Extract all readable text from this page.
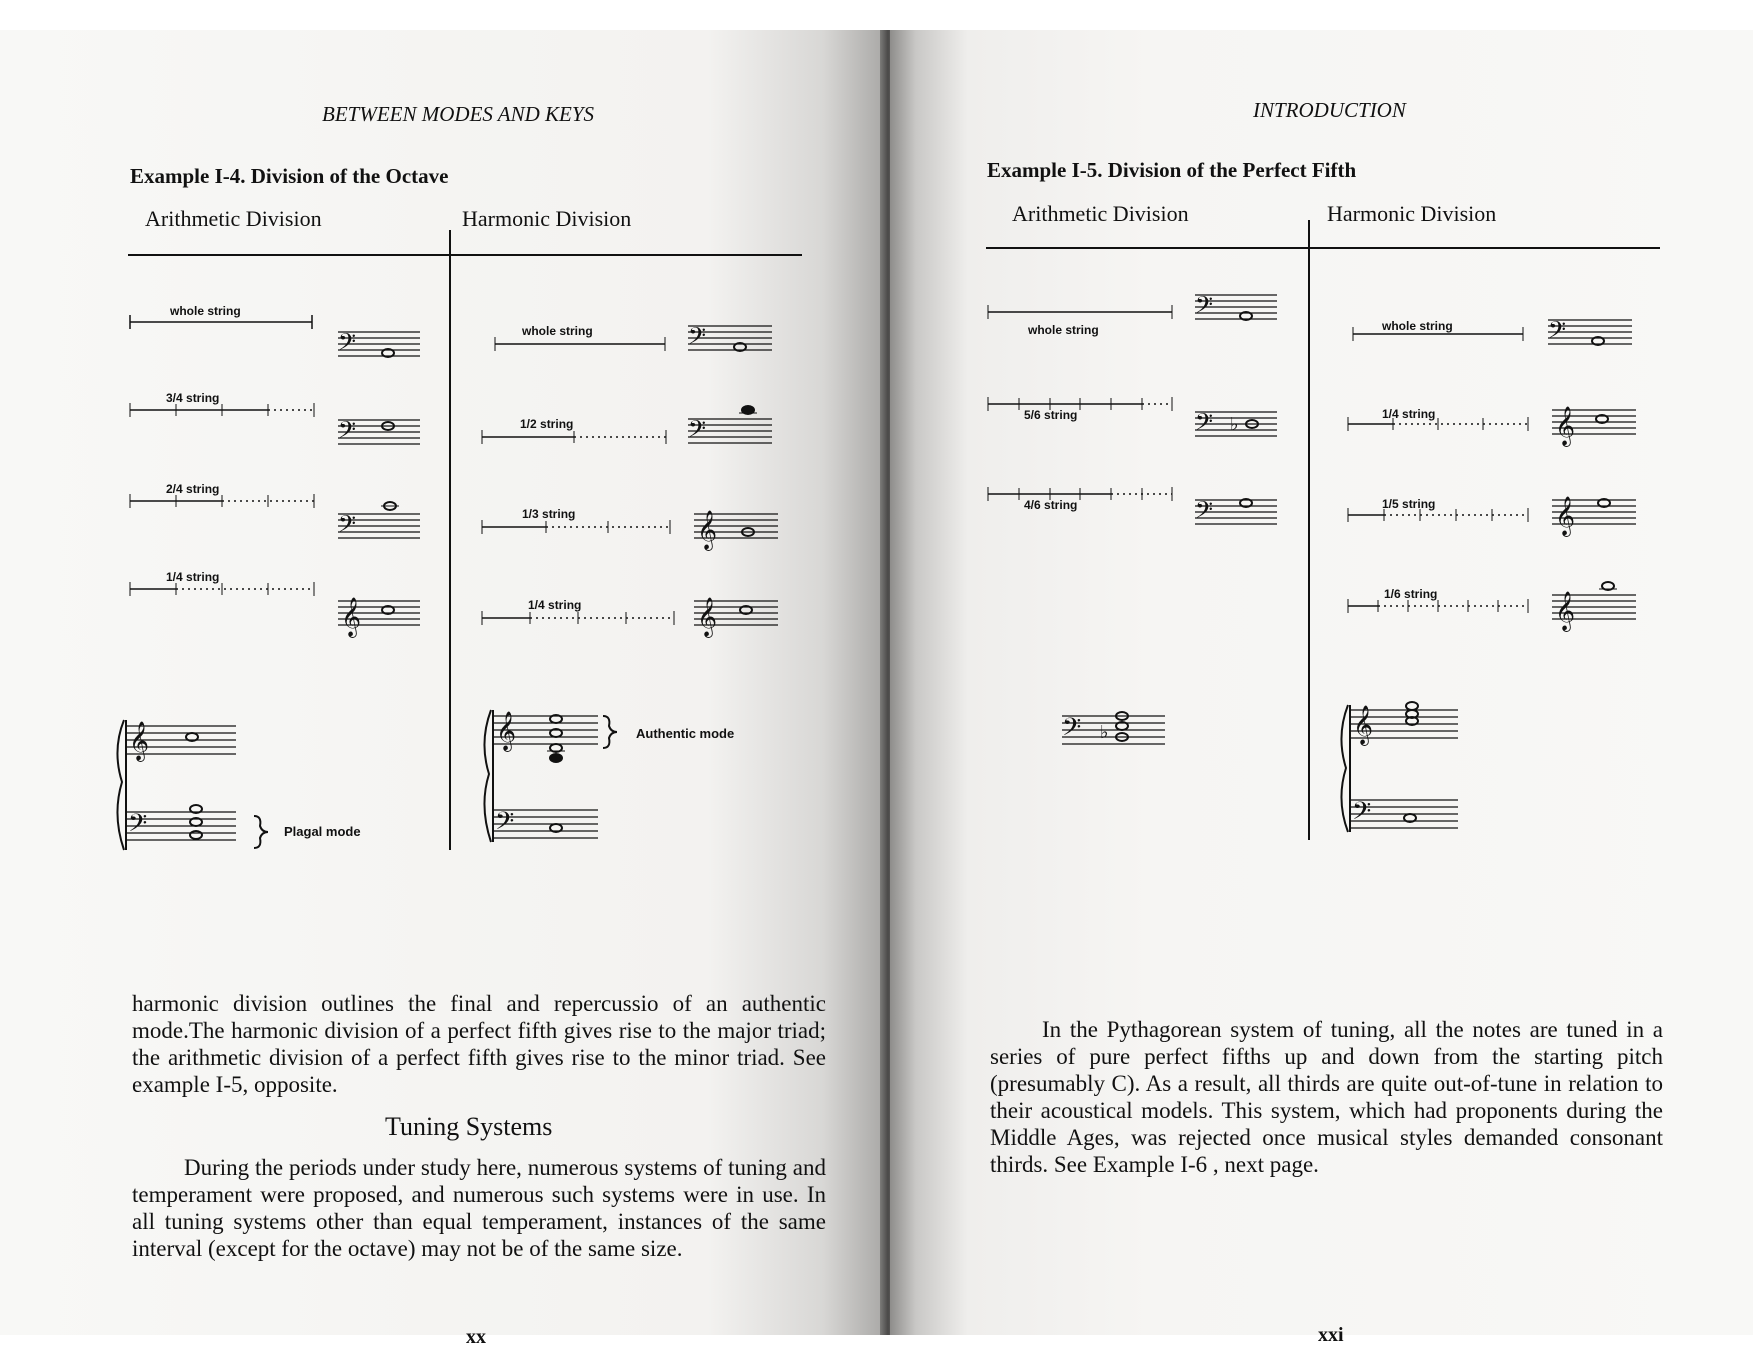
BETWEEN MODES AND KEYS
Example I-4. Division of the Octave
Arithmetic Division	Harmonic Division
𝄢
𝄢
𝄢
𝄞
𝄞
𝄢
𝄢
𝄢
𝄞
𝄞
𝄞
𝄢
whole string
3/4 string
2/4 string
1/4 string
whole string
1/2 string
1/3 string
1/4 string
Plagal mode
Authentic mode

harmonic division outlines the final and repercussio of an authentic mode.The harmonic division of a perfect fifth gives rise to the major triad; the arithmetic division of a perfect fifth gives rise to the minor triad. See example I-5, opposite.

Tuning Systems

During the periods under study here, numerous systems of tuning and temperament were proposed, and numerous such systems were in use. In all tuning systems other than equal temperament, instances of the same interval (except for the octave) may not be of the same size.

xx
INTRODUCTION
Example I-5. Division of the Perfect Fifth
Arithmetic Division	Harmonic Division
𝄢
𝄢 ♭
𝄢
𝄢 ♭
𝄢
𝄞
𝄞
𝄞
𝄞
𝄢
whole string
5/6 string
4/6 string
whole string
1/4 string
1/5 string
1/6 string

In the Pythagorean system of tuning, all the notes are tuned in a series of pure perfect fifths up and down from the starting pitch (presumably C). As a result, all thirds are quite out-of-tune in relation to their acoustical models. This system, which had proponents during the Middle Ages, was rejected once musical styles demanded consonant thirds. See Example I-6 , next page.

xxi
